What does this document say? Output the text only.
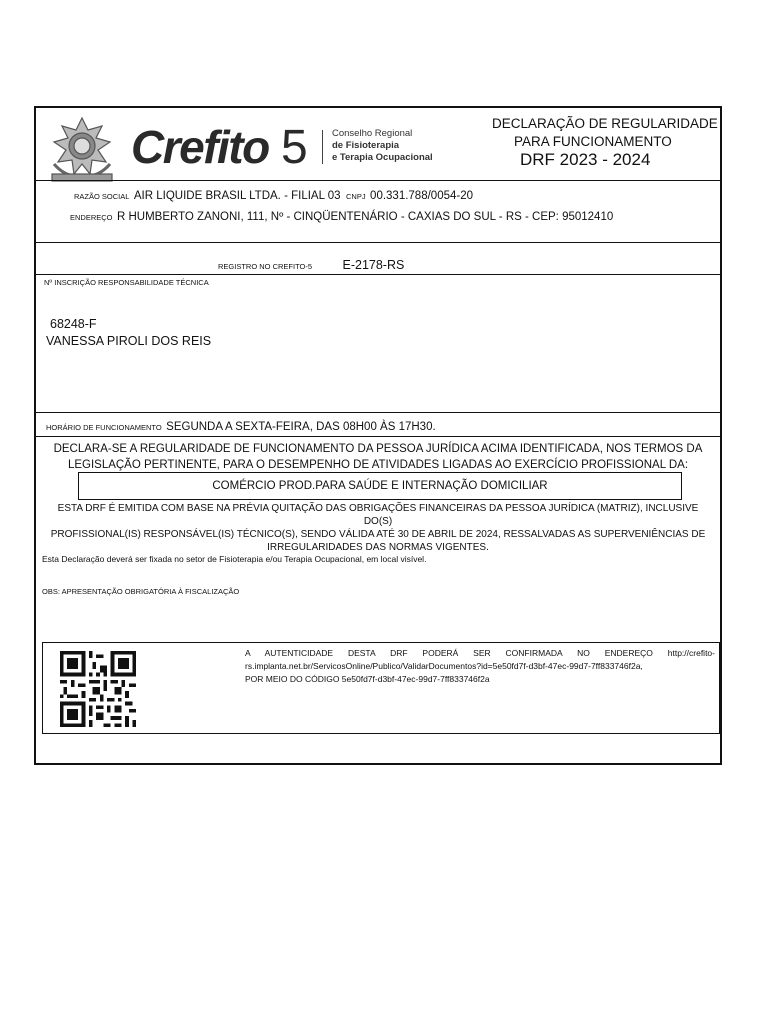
Crefito 5	Conselho Regional
de Fisioterapia
e Terapia Ocupacional
DECLARAÇÃO DE REGULARIDADE
PARA FUNCIONAMENTO
DRF 2023 - 2024
RAZÃO SOCIAL AIR LIQUIDE BRASIL LTDA. - FILIAL 03 CNPJ 00.331.788/0054-20
ENDEREÇO R HUMBERTO ZANONI, 111, Nº - CINQÜENTENÁRIO - CAXIAS DO SUL - RS - CEP: 95012410
REGISTRO NO CREFITO-5 E-2178-RS
Nº INSCRIÇÃO RESPONSABILIDADE TÉCNICA
68248-F
VANESSA PIROLI DOS REIS
HORÁRIO DE FUNCIONAMENTO SEGUNDA A SEXTA-FEIRA, DAS 08H00 ÀS 17H30.
DECLARA-SE A REGULARIDADE DE FUNCIONAMENTO DA PESSOA JURÍDICA ACIMA IDENTIFICADA, NOS TERMOS DA
LEGISLAÇÃO PERTINENTE, PARA O DESEMPENHO DE ATIVIDADES LIGADAS AO EXERCÍCIO PROFISSIONAL DA:
COMÉRCIO PROD.PARA SAÚDE E INTERNAÇÃO DOMICILIAR
ESTA DRF É EMITIDA COM BASE NA PRÉVIA QUITAÇÃO DAS OBRIGAÇÕES FINANCEIRAS DA PESSOA JURÍDICA (MATRIZ), INCLUSIVE DO(S)
PROFISSIONAL(IS) RESPONSÁVEL(IS) TÉCNICO(S), SENDO VÁLIDA ATÉ 30 DE ABRIL DE 2024, RESSALVADAS AS SUPERVENIÊNCIAS DE
IRREGULARIDADES DAS NORMAS VIGENTES.
Esta Declaração deverá ser fixada no setor de Fisioterapia e/ou Terapia Ocupacional, em local visível.
OBS: APRESENTAÇÃO OBRIGATÓRIA À FISCALIZAÇÃO
A AUTENTICIDADE DESTA DRF PODERÁ SER CONFIRMADA NO ENDEREÇO http://crefito-
rs.implanta.net.br/ServicosOnline/Publico/ValidarDocumentos?id=5e50fd7f-d3bf-47ec-99d7-7ff833746f2a,
POR MEIO DO CÓDIGO 5e50fd7f-d3bf-47ec-99d7-7ff833746f2a
